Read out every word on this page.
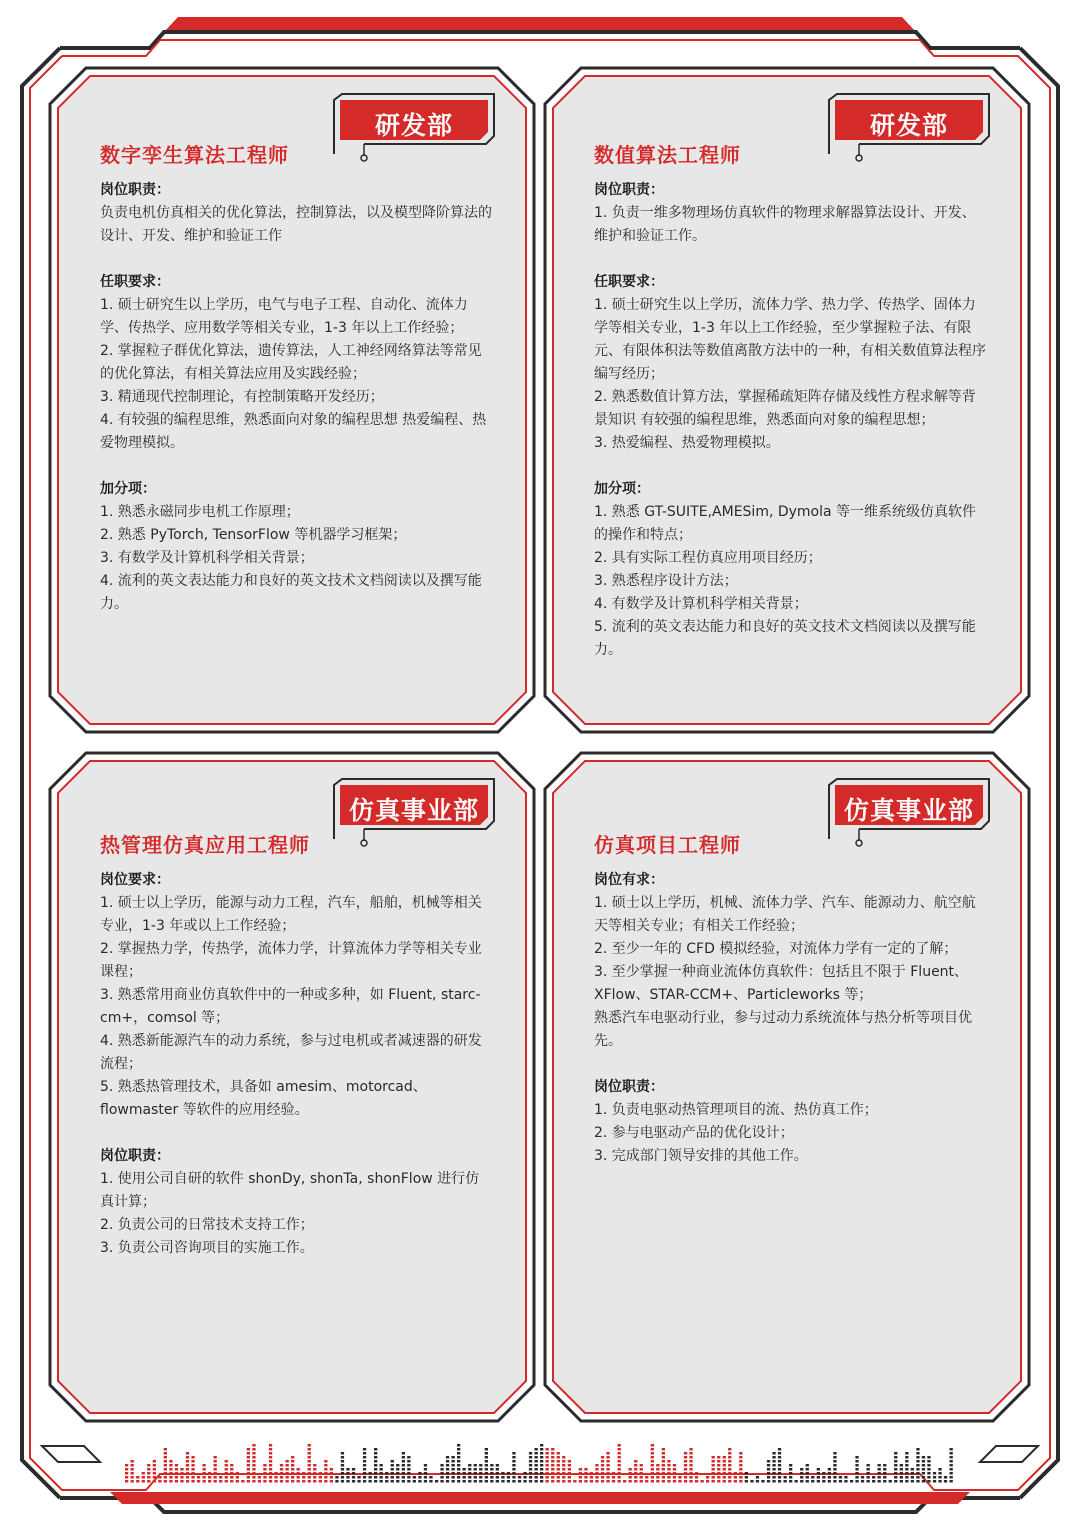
研发部
数字孪生算法工程师
岗位职责：

负责电机仿真相关的优化算法，控制算法，以及模型降阶算法的设计、开发、维护和验证工作

任职要求：

1. 硕士研究生以上学历，电气与电子工程、自动化、流体力学、传热学、应用数学等相关专业，1-3 年以上工作经验；

2. 掌握粒子群优化算法，遗传算法，人工神经网络算法等常见的优化算法，有相关算法应用及实践经验；

3. 精通现代控制理论，有控制策略开发经历；

4. 有较强的编程思维，熟悉面向对象的编程思想 热爱编程、热爱物理模拟。

加分项：

1. 熟悉永磁同步电机工作原理；

2. 熟悉 PyTorch, TensorFlow 等机器学习框架；

3. 有数学及计算机科学相关背景；

4. 流利的英文表达能力和良好的英文技术文档阅读以及撰写能力。

研发部
数值算法工程师
岗位职责：

1. 负责一维多物理场仿真软件的物理求解器算法设计、开发、维护和验证工作。

任职要求：

1. 硕士研究生以上学历，流体力学、热力学、传热学、固体力学等相关专业，1-3 年以上工作经验，至少掌握粒子法、有限元、有限体积法等数值离散方法中的一种，有相关数值算法程序编写经历；

2. 熟悉数值计算方法，掌握稀疏矩阵存储及线性方程求解等背景知识 有较强的编程思维，熟悉面向对象的编程思想；

3. 热爱编程、热爱物理模拟。

加分项：

1. 熟悉 GT-SUITE,AMESim, Dymola 等一维系统级仿真软件的操作和特点；

2. 具有实际工程仿真应用项目经历；

3. 熟悉程序设计方法；

4. 有数学及计算机科学相关背景；

5. 流利的英文表达能力和良好的英文技术文档阅读以及撰写能力。

仿真事业部
热管理仿真应用工程师
岗位要求：

1. 硕士以上学历，能源与动力工程，汽车，船舶，机械等相关专业，1-3 年或以上工作经验；

2. 掌握热力学，传热学，流体力学，计算流体力学等相关专业课程；

3. 熟悉常用商业仿真软件中的一种或多种，如 Fluent, starc-cm+，comsol 等；

4. 熟悉新能源汽车的动力系统，参与过电机或者减速器的研发流程；

5. 熟悉热管理技术，具备如 amesim、motorcad、flowmaster 等软件的应用经验。

岗位职责：

1. 使用公司自研的软件 shonDy, shonTa, shonFlow 进行仿真计算；

2. 负责公司的日常技术支持工作；

3. 负责公司咨询项目的实施工作。

仿真事业部
仿真项目工程师
岗位有求：

1. 硕士以上学历，机械、流体力学、汽车、能源动力、航空航天等相关专业；有相关工作经验；

2. 至少一年的 CFD 模拟经验，对流体力学有一定的了解；

3. 至少掌握一种商业流体仿真软件：包括且不限于 Fluent、XFlow、STAR-CCM+、Particleworks 等；

熟悉汽车电驱动行业，参与过动力系统流体与热分析等项目优先。

岗位职责：

1. 负责电驱动热管理项目的流、热仿真工作；

2. 参与电驱动产品的优化设计；

3. 完成部门领导安排的其他工作。
